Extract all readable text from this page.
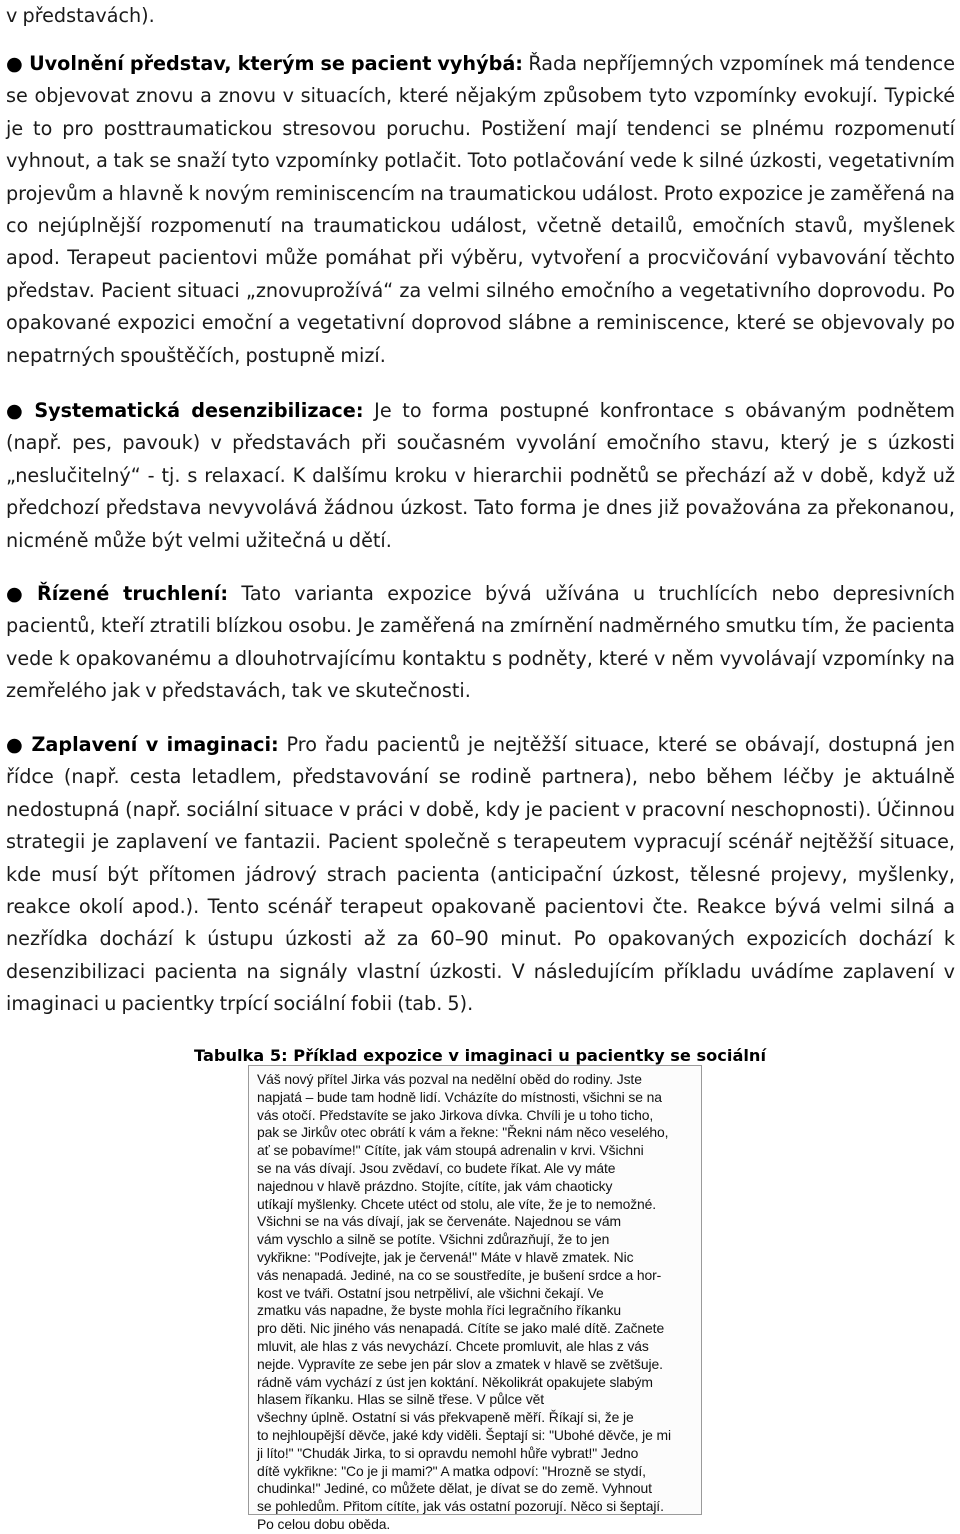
v představách).

● Uvolnění představ, kterým se pacient vyhýbá: Řada nepříjemných vzpomínek má tendence se objevovat znovu a znovu v situacích, které nějakým způsobem tyto vzpomínky evokují. Typické je to pro posttraumatickou stresovou poruchu. Postižení mají tendenci se plnému rozpomenutí vyhnout, a tak se snaží tyto vzpomínky potlačit. Toto potlačování vede k silné úzkosti, vegetativním projevům a hlavně k novým reminiscencím na traumatickou událost. Proto expozice je zaměřená na co nejúplnější rozpomenutí na traumatickou událost, včetně detailů, emočních stavů, myšlenek apod. Terapeut pacientovi může pomáhat při výběru, vytvoření a procvičování vybavování těchto představ. Pacient situaci „znovuprožívá“ za velmi silného emočního a vegetativního doprovodu. Po opakované expozici emoční a vegetativní doprovod slábne a reminiscence, které se objevovaly po nepatrných spouštěčích, postupně mizí.

● Systematická desenzibilizace: Je to forma postupné konfrontace s obávaným podnětem (např. pes, pavouk) v představách při současném vyvolání emočního stavu, který je s úzkosti „neslučitelný“ - tj. s relaxací. K dalšímu kroku v hierarchii podnětů se přechází až v době, když už předchozí představa nevyvolává žádnou úzkost. Tato forma je dnes již považována za překonanou, nicméně může být velmi užitečná u dětí.

● Řízené truchlení: Tato varianta expozice bývá užívána u truchlících nebo depresivních pacientů, kteří ztratili blízkou osobu. Je zaměřená na zmírnění nadměrného smutku tím, že pacienta vede k opakovanému a dlouhotrvajícímu kontaktu s podněty, které v něm vyvolávají vzpomínky na zemřelého jak v představách, tak ve skutečnosti.

● Zaplavení v imaginaci: Pro řadu pacientů je nejtěžší situace, které se obávají, dostupná jen řídce (např. cesta letadlem, představování se rodině partnera), nebo během léčby je aktuálně nedostupná (např. sociální situace v práci v době, kdy je pacient v pracovní neschopnosti). Účinnou strategii je zaplavení ve fantazii. Pacient společně s terapeutem vypracují scénář nejtěžší situace, kde musí být přítomen jádrový strach pacienta (anticipační úzkost, tělesné projevy, myšlenky, reakce okolí apod.). Tento scénář terapeut opakovaně pacientovi čte. Reakce bývá velmi silná a nezřídka dochází k ústupu úzkosti až za 60–90 minut. Po opakovaných expozicích dochází k desenzibilizaci pacienta na signály vlastní úzkosti. V následujícím příkladu uvádíme zaplavení v imaginaci u pacientky trpící sociální fobii (tab. 5).

Tabulka 5: Příklad expozice v imaginaci u pacientky se sociální
Váš nový přítel Jirka vás pozval na nedělní oběd do rodiny. Jste
napjatá – bude tam hodně lidí. Vcházíte do místnosti, všichni se na
vás otočí. Představíte se jako Jirkova dívka. Chvíli je u toho ticho,
pak se Jirkův otec obrátí k vám a řekne: "Řekni nám něco veselého,
ať se pobavíme!" Cítíte, jak vám stoupá adrenalin v krvi. Všichni
se na vás dívají. Jsou zvědaví, co budete říkat. Ale vy máte
najednou v hlavě prázdno. Stojíte, cítíte, jak vám chaoticky
utíkají myšlenky. Chcete utéct od stolu, ale víte, že je to nemožné.
Všichni se na vás dívají, jak se červenáte. Najednou se vám
vám vyschlo a silně se potíte. Všichni zdůrazňují, že to jen
vykřikne: "Podívejte, jak je červená!" Máte v hlavě zmatek. Nic
vás nenapadá. Jediné, na co se soustředíte, je bušení srdce a hor-
kost ve tváři. Ostatní jsou netrpěliví, ale všichni čekají. Ve
zmatku vás napadne, že byste mohla říci legračního říkanku
pro děti. Nic jiného vás nenapadá. Cítíte se jako malé dítě. Začnete
mluvit, ale hlas z vás nevychází. Chcete promluvit, ale hlas z vás
nejde. Vypravíte ze sebe jen pár slov a zmatek v hlavě se zvětšuje.
rádně vám vychází z úst jen koktání. Několikrát opakujete slabým
hlasem říkanku. Hlas se silně třese. V půlce vět
všechny úplně. Ostatní si vás překvapeně měří. Říkají si, že je
to nejhloupější děvče, jaké kdy viděli. Šeptají si: "Ubohé děvče, je mi
ji líto!" "Chudák Jirka, to si opravdu nemohl hůře vybrat!" Jedno
dítě vykřikne: "Co je ji mami?" A matka odpoví: "Hrozně se stydí,
chudinka!" Jediné, co můžete dělat, je dívat se do země. Vyhnout
se pohledům. Přitom cítíte, jak vás ostatní pozorují. Něco si šeptají.
Po celou dobu oběda.
